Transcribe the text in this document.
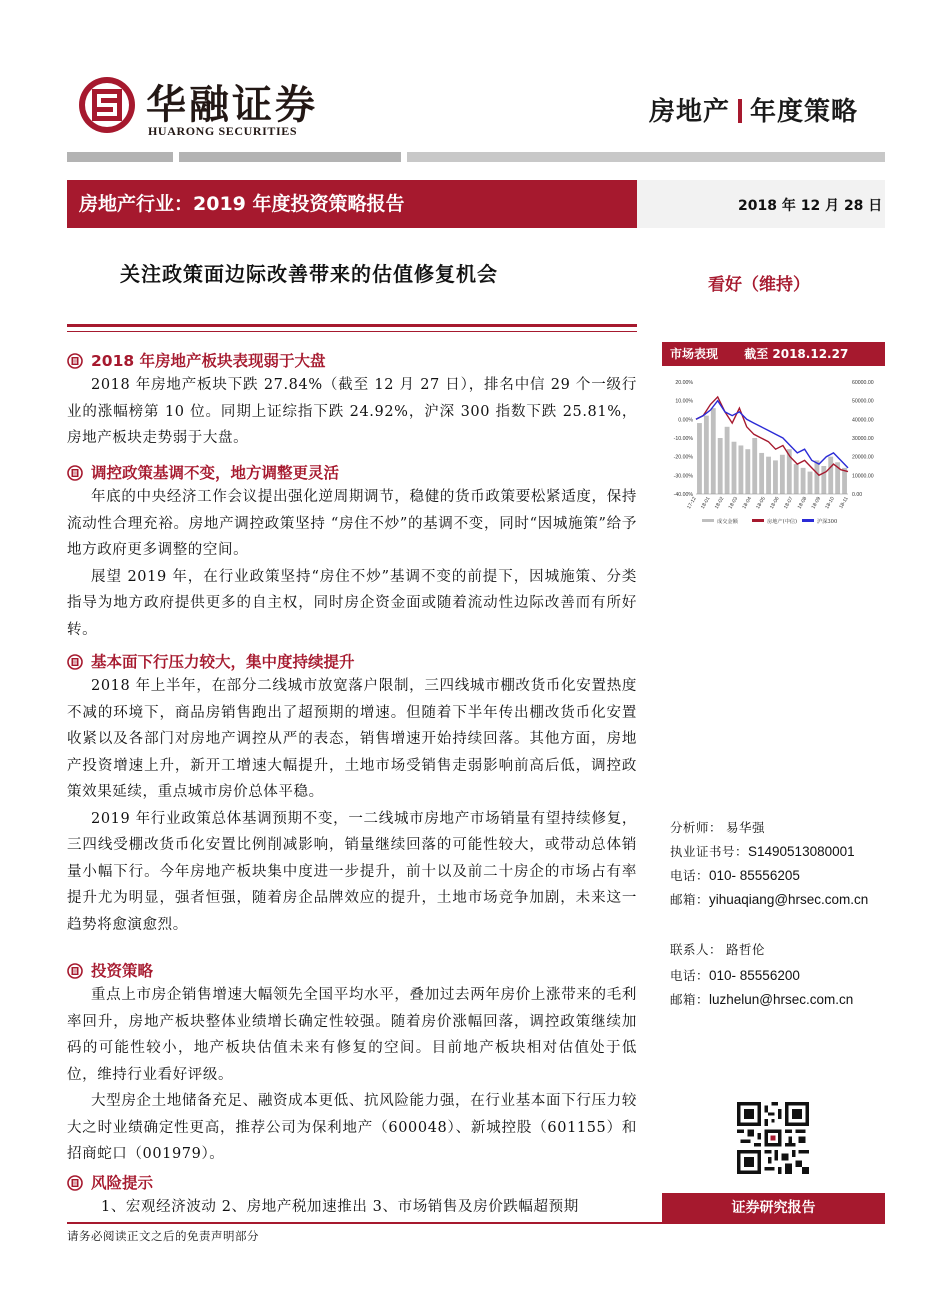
华融证券
HUARONG SECURITIES
房地产 年度策略
房地产行业：2019 年度投资策略报告	2018 年 12 月 28 日
关注政策面边际改善带来的估值修复机会	看好（维持）
2018 年房地产板块表现弱于大盘

2018 年房地产板块下跌 27.84%（截至 12 月 27 日），排名中信 29 个一级行业的涨幅榜第 10 位。同期上证综指下跌 24.92%，沪深 300 指数下跌 25.81%，房地产板块走势弱于大盘。

调控政策基调不变，地方调整更灵活

年底的中央经济工作会议提出强化逆周期调节，稳健的货币政策要松紧适度，保持流动性合理充裕。房地产调控政策坚持 “房住不炒”的基调不变，同时“因城施策”给予地方政府更多调整的空间。

展望 2019 年，在行业政策坚持“房住不炒”基调不变的前提下，因城施策、分类指导为地方政府提供更多的自主权，同时房企资金面或随着流动性边际改善而有所好转。

基本面下行压力较大，集中度持续提升

2018 年上半年，在部分二线城市放宽落户限制，三四线城市棚改货币化安置热度不减的环境下，商品房销售跑出了超预期的增速。但随着下半年传出棚改货币化安置收紧以及各部门对房地产调控从严的表态，销售增速开始持续回落。其他方面，房地产投资增速上升，新开工增速大幅提升，土地市场受销售走弱影响前高后低，调控政策效果延续，重点城市房价总体平稳。

2019 年行业政策总体基调预期不变，一二线城市房地产市场销量有望持续修复，三四线受棚改货币化安置比例削减影响，销量继续回落的可能性较大，或带动总体销量小幅下行。今年房地产板块集中度进一步提升，前十以及前二十房企的市场占有率提升尤为明显，强者恒强，随着房企品牌效应的提升，土地市场竞争加剧，未来这一趋势将愈演愈烈。

投资策略

重点上市房企销售增速大幅领先全国平均水平，叠加过去两年房价上涨带来的毛利率回升，房地产板块整体业绩增长确定性较强。随着房价涨幅回落，调控政策继续加码的可能性较小，地产板块估值未来有修复的空间。目前地产板块相对估值处于低位，维持行业看好评级。

大型房企土地储备充足、融资成本更低、抗风险能力强，在行业基本面下行压力较大之时业绩确定性更高，推荐公司为保利地产（600048）、新城控股（601155）和招商蛇口（001979）。

风险提示

1、宏观经济波动 2、房地产税加速推出 3、市场销售及房价跌幅超预期

市场表现 截至 2018.12.27
20.00%
10.00%
0.00%
-10.00%
-20.00%
-30.00%
-40.00%
60000.00
50000.00
40000.00
30000.00
20000.00
10000.00
0.00
17-12 18-01 18-02 18-03 18-04 18-05 18-06 18-07 18-08 18-09 18-10 18-11
成交金额	房地产(中信)	沪深300
分析师： 易华强
执业证书号：S1490513080001
电话：010- 85556205
邮箱：yihuaqiang@hrsec.com.cn
联系人： 路哲伦
电话：010- 85556200
邮箱：luzhelun@hrsec.com.cn
证券研究报告
请务必阅读正文之后的免责声明部分
